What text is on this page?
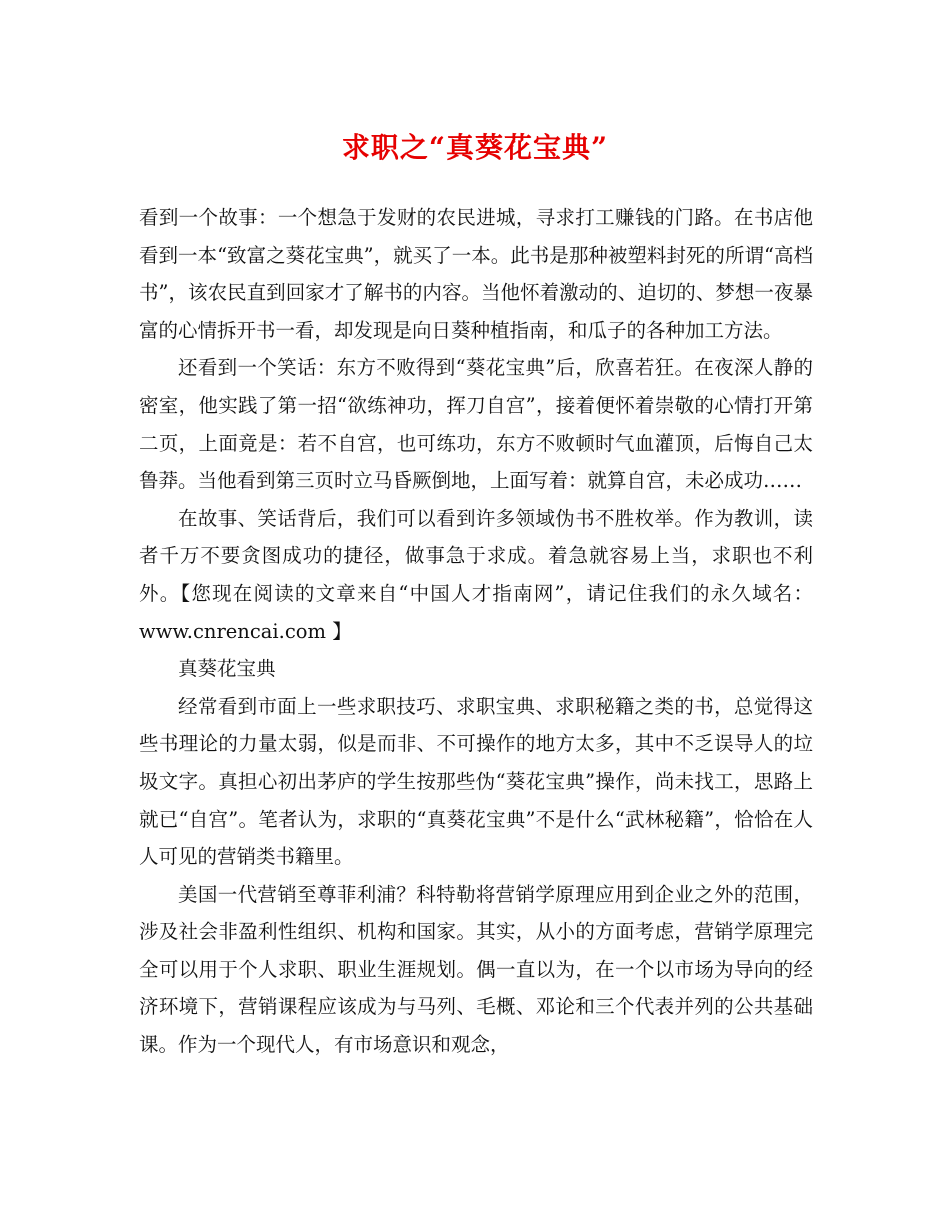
求职之“真葵花宝典”

看到一个故事：一个想急于发财的农民进城，寻求打工赚钱的门路。在书店他看到一本“致富之葵花宝典”，就买了一本。此书是那种被塑料封死的所谓“高档书”，该农民直到回家才了解书的内容。当他怀着激动的、迫切的、梦想一夜暴富的心情拆开书一看，却发现是向日葵种植指南，和瓜子的各种加工方法。

还看到一个笑话：东方不败得到“葵花宝典”后，欣喜若狂。在夜深人静的密室，他实践了第一招“欲练神功，挥刀自宫”，接着便怀着崇敬的心情打开第二页，上面竟是：若不自宫，也可练功，东方不败顿时气血灌顶，后悔自己太鲁莽。当他看到第三页时立马昏厥倒地，上面写着：就算自宫，未必成功……

在故事、笑话背后，我们可以看到许多领域伪书不胜枚举。作为教训，读者千万不要贪图成功的捷径，做事急于求成。着急就容易上当，求职也不利外。【您现在阅读的文章来自“中国人才指南网”，请记住我们的永久域名：www.cnrencai.com 】

真葵花宝典

经常看到市面上一些求职技巧、求职宝典、求职秘籍之类的书，总觉得这些书理论的力量太弱，似是而非、不可操作的地方太多，其中不乏误导人的垃圾文字。真担心初出茅庐的学生按那些伪“葵花宝典”操作，尚未找工，思路上就已“自宫”。笔者认为，求职的“真葵花宝典”不是什么“武林秘籍”，恰恰在人人可见的营销类书籍里。

美国一代营销至尊菲利浦？科特勒将营销学原理应用到企业之外的范围，涉及社会非盈利性组织、机构和国家。其实，从小的方面考虑，营销学原理完全可以用于个人求职、职业生涯规划。偶一直以为，在一个以市场为导向的经济环境下，营销课程应该成为与马列、毛概、邓论和三个代表并列的公共基础课。作为一个现代人，有市场意识和观念，
